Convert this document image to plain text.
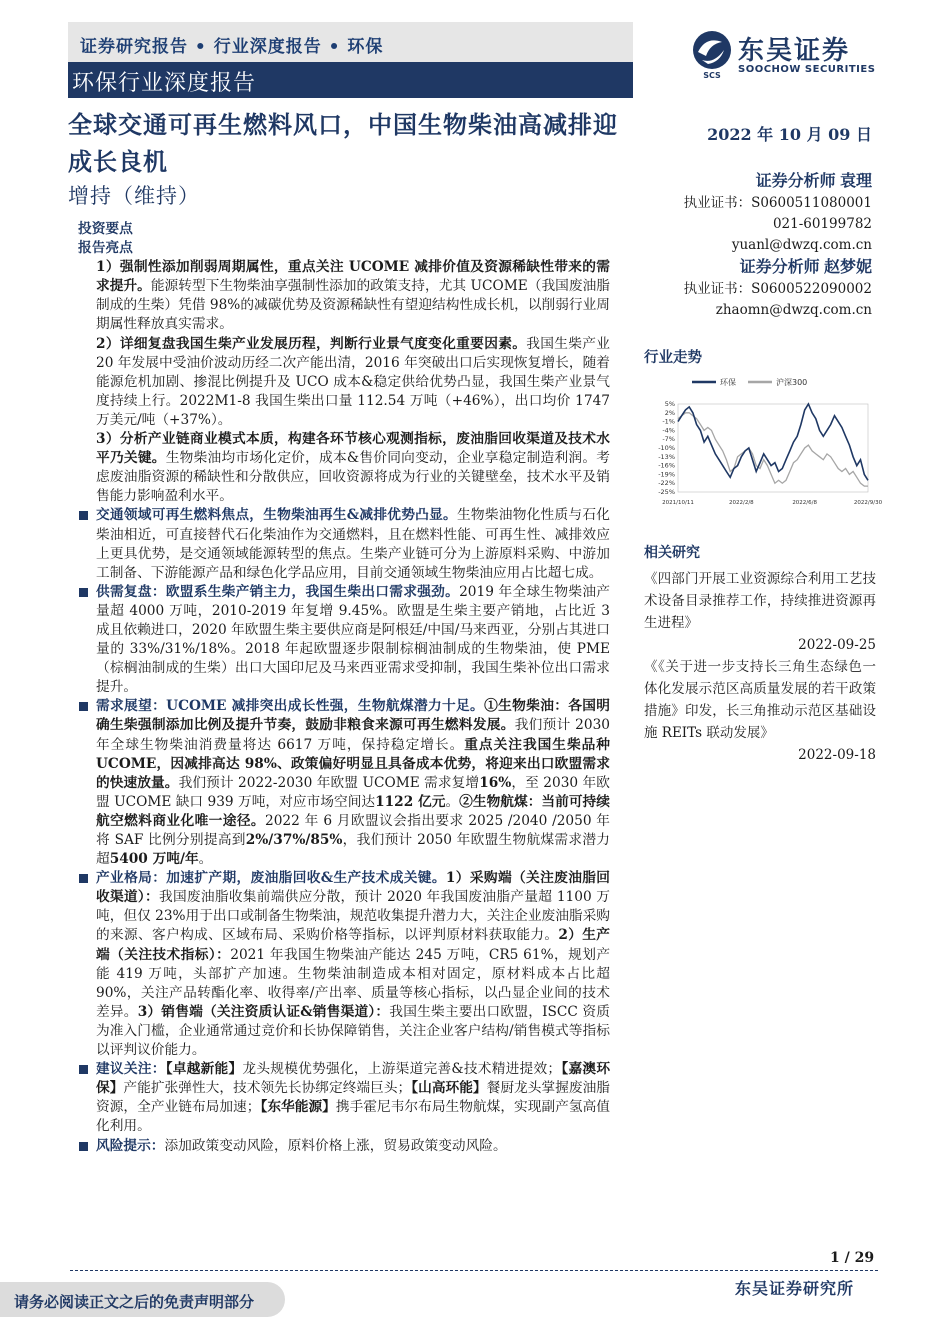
证券研究报告 • 行业深度报告 • 环保
环保行业深度报告	SCS
东吴证券
SOOCHOW SECURITIES
全球交通可再生燃料风口，中国生物柴油高减排迎成长良机
增持（维持）
2022 年 10 月 09 日
证券分析师 袁理
执业证书：S0600511080001
021-60199782
yuanl@dwzq.com.cn
证券分析师 赵梦妮
执业证书：S0600522090002
zhaomn@dwzq.com.cn
行业走势
环保	沪深300
5%
2%
-1%
-4%
-7%
-10%
-13%
-16%
-19%
-22%
-25%
2021/10/11	2022/2/8	2022/6/8	2022/9/30
相关研究
《四部门开展工业资源综合利用工艺技术设备目录推荐工作，持续推进资源再生进程》
2022-09-25
《《关于进一步支持长三角生态绿色一体化发展示范区高质量发展的若干政策措施》印发，长三角推动示范区基础设施 REITs 联动发展》
2022-09-18
投资要点
报告亮点
1）强制性添加削弱周期属性，重点关注 UCOME 减排价值及资源稀缺性带来的需求提升。能源转型下生物柴油享强制性添加的政策支持，尤其 UCOME（我国废油脂制成的生柴）凭借 98%的减碳优势及资源稀缺性有望迎结构性成长机，以削弱行业周期属性释放真实需求。
2）详细复盘我国生柴产业发展历程，判断行业景气度变化重要因素。我国生柴产业 20 年发展中受油价波动历经二次产能出清，2016 年突破出口后实现恢复增长，随着能源危机加剧、掺混比例提升及 UCO 成本&稳定供给优势凸显，我国生柴产业景气度持续上行。2022M1-8 我国生柴出口量 112.54 万吨（+46%），出口均价 1747 万美元/吨（+37%）。
3）分析产业链商业模式本质，构建各环节核心观测指标，废油脂回收渠道及技术水平乃关键。生物柴油均市场化定价，成本&售价同向变动，企业享稳定制造利润。考虑废油脂资源的稀缺性和分散供应，回收资源将成为行业的关键壁垒，技术水平及销售能力影响盈利水平。
交通领域可再生燃料焦点，生物柴油再生&减排优势凸显。生物柴油物化性质与石化柴油相近，可直接替代石化柴油作为交通燃料，且在燃料性能、可再生性、减排效应上更具优势，是交通领域能源转型的焦点。生柴产业链可分为上游原料采购、中游加工制备、下游能源产品和绿色化学品应用，目前交通领域生物柴油应用占比超七成。
供需复盘：欧盟系生柴产销主力，我国生柴出口需求强劲。2019 年全球生物柴油产量超 4000 万吨，2010-2019 年复增 9.45%。欧盟是生柴主要产销地，占比近 3 成且依赖进口，2020 年欧盟生柴主要供应商是阿根廷/中国/马来西亚，分别占其进口量的 33%/31%/18%。2018 年起欧盟逐步限制棕榈油制成的生物柴油，使 PME（棕榈油制成的生柴）出口大国印尼及马来西亚需求受抑制，我国生柴补位出口需求提升。
需求展望：UCOME 减排突出成长性强，生物航煤潜力十足。①生物柴油：各国明确生柴强制添加比例及提升节奏，鼓励非粮食来源可再生燃料发展。我们预计 2030 年全球生物柴油消费量将达 6617 万吨，保持稳定增长。重点关注我国生柴品种 UCOME，因减排高达 98%、政策偏好明显且具备成本优势，将迎来出口欧盟需求的快速放量。我们预计 2022-2030 年欧盟 UCOME 需求复增16%，至 2030 年欧盟 UCOME 缺口 939 万吨，对应市场空间达1122 亿元。②生物航煤：当前可持续航空燃料商业化唯一途径。2022 年 6 月欧盟议会指出要求 2025 /2040 /2050 年将 SAF 比例分别提高到2%/37%/85%，我们预计 2050 年欧盟生物航煤需求潜力超5400 万吨/年。
产业格局：加速扩产期，废油脂回收&生产技术成关键。1）采购端（关注废油脂回收渠道）：我国废油脂收集前端供应分散，预计 2020 年我国废油脂产量超 1100 万吨，但仅 23%用于出口或制备生物柴油，规范收集提升潜力大，关注企业废油脂采购的来源、客户构成、区域布局、采购价格等指标，以评判原材料获取能力。2）生产端（关注技术指标）：2021 年我国生物柴油产能达 245 万吨，CR5 61%，规划产能 419 万吨，头部扩产加速。生物柴油制造成本相对固定，原材料成本占比超 90%，关注产品转酯化率、收得率/产出率、质量等核心指标，以凸显企业间的技术差异。3）销售端（关注资质认证&销售渠道）：我国生柴主要出口欧盟，ISCC 资质为准入门槛，企业通常通过竞价和长协保障销售，关注企业客户结构/销售模式等指标以评判议价能力。
建议关注：【卓越新能】龙头规模优势强化，上游渠道完善&技术精进提效；【嘉澳环保】产能扩张弹性大，技术领先长协绑定终端巨头；【山高环能】餐厨龙头掌握废油脂资源，全产业链布局加速；【东华能源】携手霍尼韦尔布局生物航煤，实现副产氢高值化利用。
风险提示：添加政策变动风险，原料价格上涨，贸易政策变动风险。
1 / 29
东吴证券研究所
请务必阅读正文之后的免责声明部分
